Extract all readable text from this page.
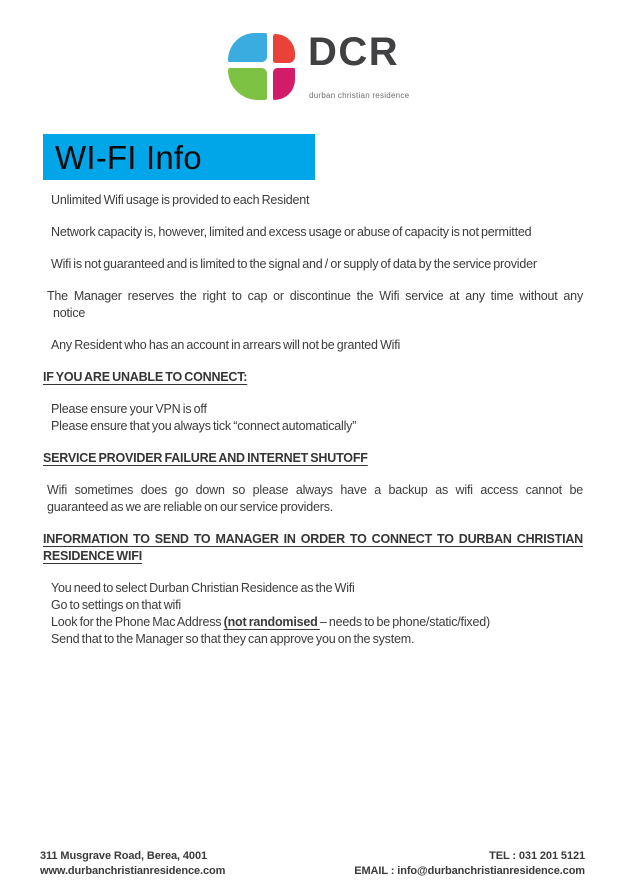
DCR
durban christian residence
WI-FI Info

Unlimited Wifi usage is provided to each Resident

Network capacity is, however, limited and excess usage or abuse of capacity is not permitted

Wifi is not guaranteed and is limited to the signal and / or supply of data by the service provider

The Manager reserves the right to cap or discontinue the Wifi service at any time without any
notice

Any Resident who has an account in arrears will not be granted Wifi

IF YOU ARE UNABLE TO CONNECT:
Please ensure your VPN is off
Please ensure that you always tick “connect automatically”
SERVICE PROVIDER FAILURE AND INTERNET SHUTOFF
Wifi sometimes does go down so please always have a backup as wifi access cannot be
guaranteed as we are reliable on our service providers.
INFORMATION TO SEND TO MANAGER IN ORDER TO CONNECT TO DURBAN CHRISTIAN
RESIDENCE WIFI
You need to select Durban Christian Residence as the Wifi
Go to settings on that wifi
Look for the Phone Mac Address (not randomised – needs to be phone/static/fixed)
Send that to the Manager so that they can approve you on the system.
311 Musgrave Road, Berea, 4001
www.durbanchristianresidence.com
TEL : 031 201 5121
EMAIL : info@durbanchristianresidence.com
